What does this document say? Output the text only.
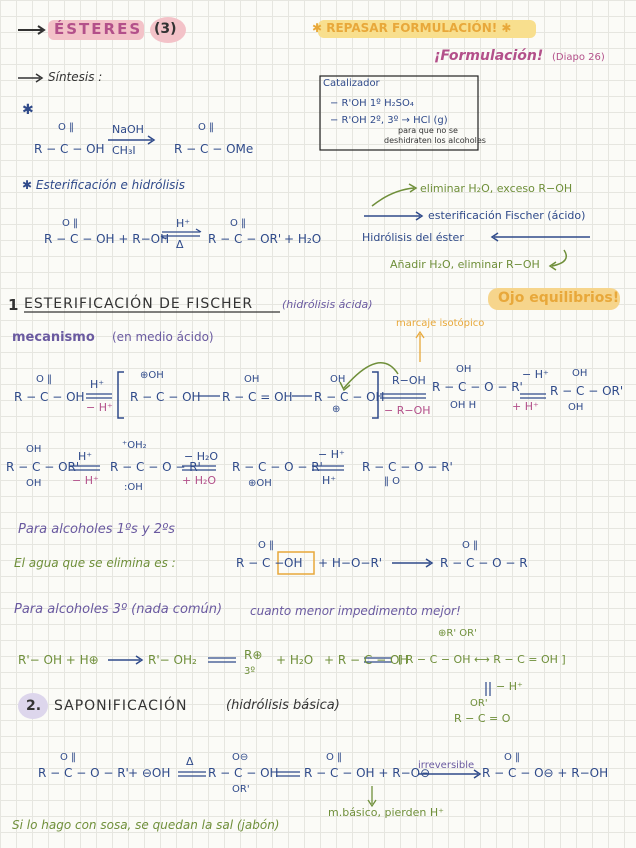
ÉSTERES (3)	✱ REPASAR FORMULACIÓN! ✱
¡Formulación! (Diapo 26)
Síntesis :
✱
O ‖
R − C − OH
NaOH
CH₃I
O ‖
R − C − OMe
Catalizador
− R'OH 1º H₂SO₄
− R'OH 2º, 3º → HCl (g)
para que no se
deshidraten los alcoholes
✱ Esterificación e hidrólisis	eliminar H₂O, exceso R−OH
esterificación Fischer (ácido)
Hidrólisis del éster
Añadir H₂O, eliminar R−OH
O ‖
R − C − OH + R−OH
H⁺
Δ
O ‖
R − C − OR' + H₂O
1 ESTERIFICACIÓN DE FISCHER	(hidrólisis ácida)	Ojo equilibrios!
mecanismo (en medio ácido)
marcaje isotópico
O ‖
R − C − OH
H⁺
− H⁺
⊕OH
R − C − OH
OH
R − C = OH
OH
R − C − OH
⊕
R−OH
− R−OH
OH
R − C − O − R'
OH H
− H⁺
+ H⁺
OH
R − C − OR'
OH
OH
R − C − OR'
OH
H⁺
− H⁺
⁺OH₂
R − C − O − R'
:OH
− H₂O
+ H₂O
R − C − O − R'
⊕OH
− H⁺
H⁺
R − C − O − R'
‖ O
Para alcoholes 1ºs y 2ºs
El agua que se elimina es :
O ‖
R − C − OH + H−O−R'
O ‖
R − C − O − R
Para alcoholes 3º (nada común) cuanto menor impedimento mejor!
R'− OH + H⊕	R'− OH₂	R⊕
3º
+ H₂O + R − C − OH
⊕R' OR'
[ R − C − OH ⟷ R − C = OH ]
− H⁺
OR'
R − C = O
2. SAPONIFICACIÓN	(hidrólisis básica)
O ‖
R − C − O − R' + ⊖OH
Δ	O⊖
R − C − OH
OR'
O ‖
R − C − OH + R−O⊖
irreversible
O ‖
R − C − O⊖ + R−OH
m.básico, pierden H⁺
Si lo hago con sosa, se quedan la sal (jabón)
